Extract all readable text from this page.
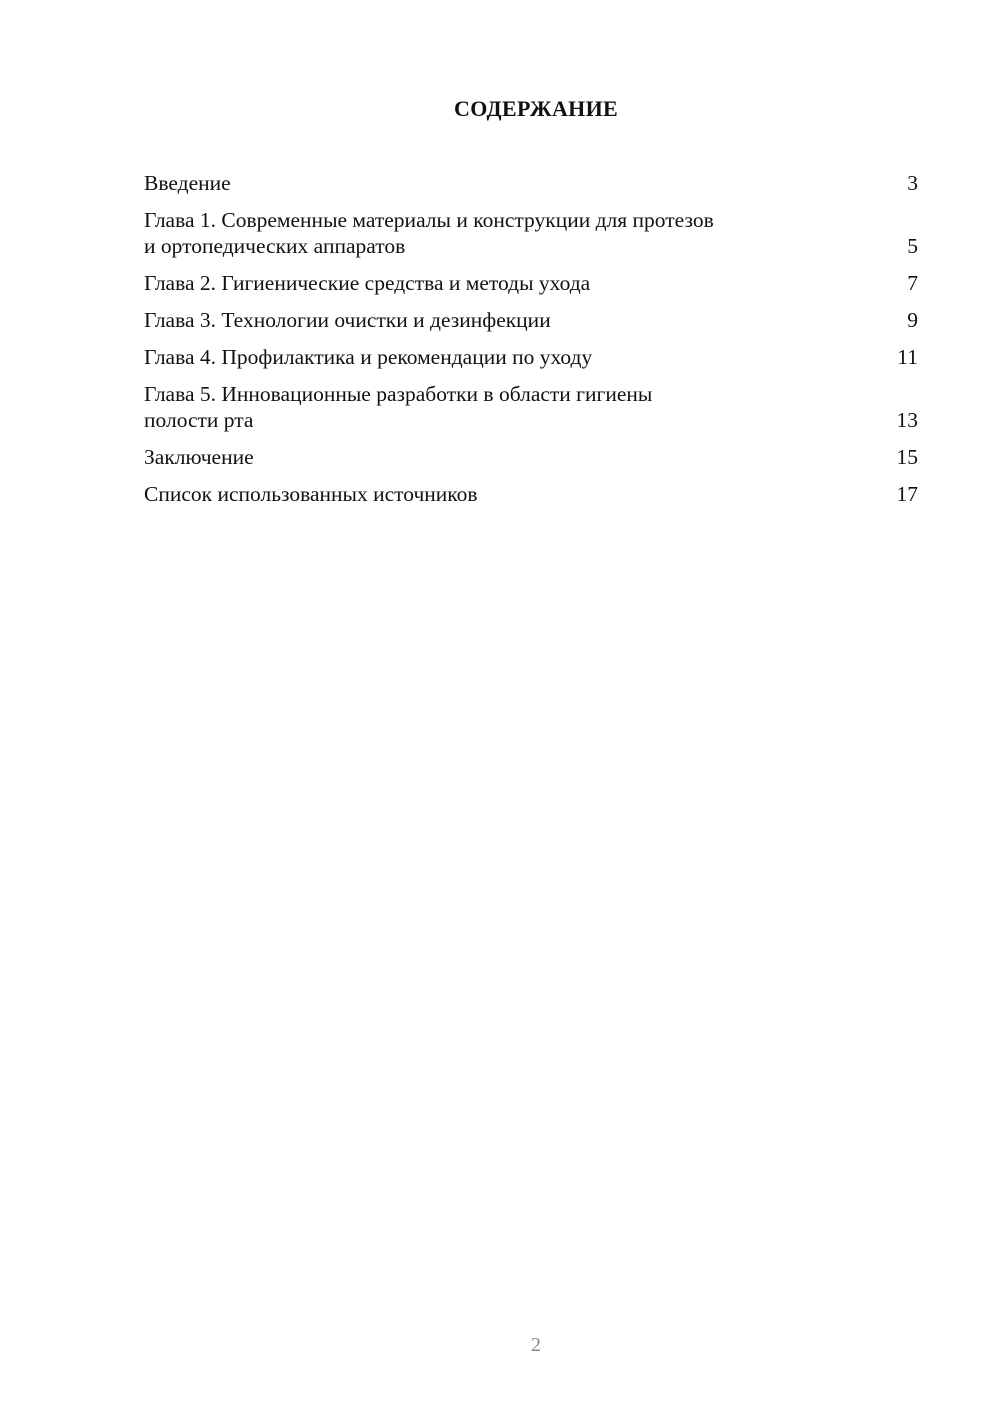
СОДЕРЖАНИЕ
Введение	3
Глава 1. Современные материалы и конструкции для протезов
и ортопедических аппаратов	5
Глава 2. Гигиенические средства и методы ухода	7
Глава 3. Технологии очистки и дезинфекции	9
Глава 4. Профилактика и рекомендации по уходу	11
Глава 5. Инновационные разработки в области гигиены
полости рта	13
Заключение	15
Список использованных источников	17
2
